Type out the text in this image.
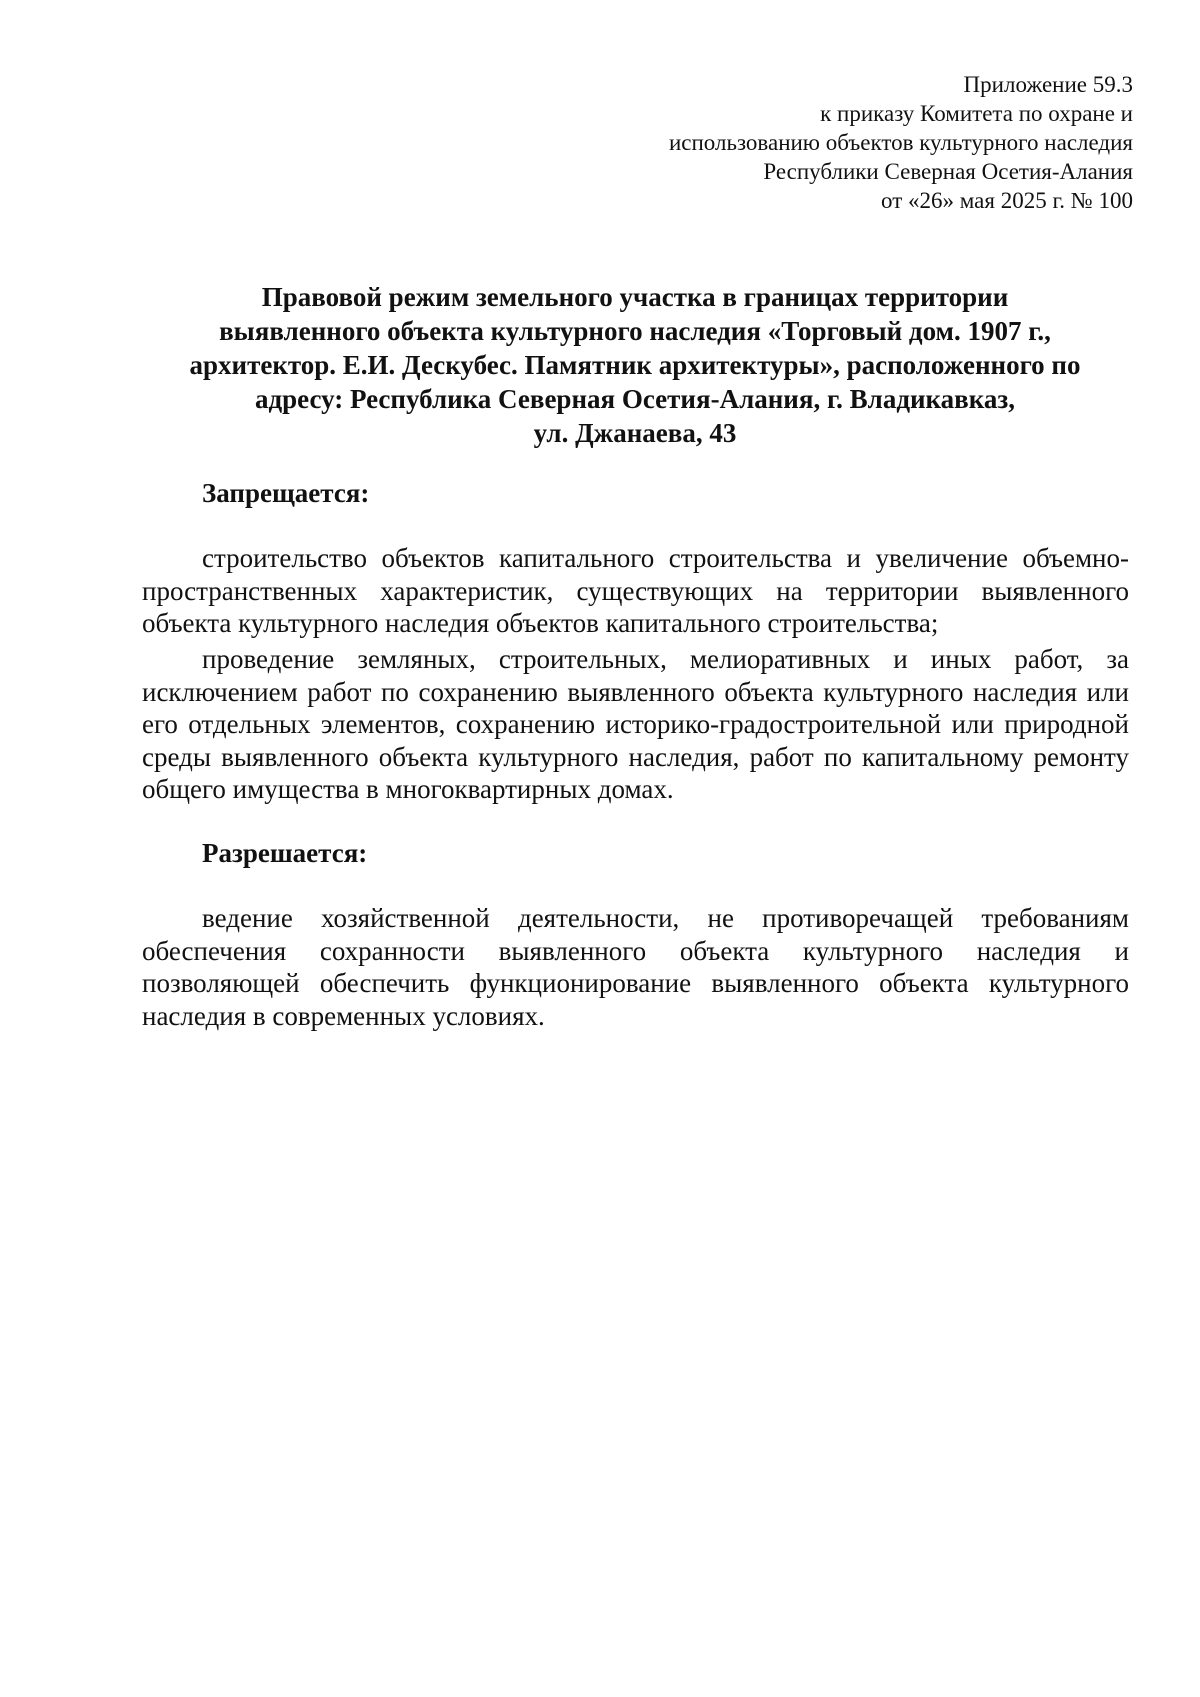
Приложение 59.3
к приказу Комитета по охране и
использованию объектов культурного наследия
Республики Северная Осетия-Алания
от «26» мая 2025 г. № 100
Правовой режим земельного участка в границах территории
выявленного объекта культурного наследия «Торговый дом. 1907 г.,
архитектор. Е.И. Дескубес. Памятник архитектуры», расположенного по
адресу: Республика Северная Осетия-Алания, г. Владикавказ,
ул. Джанаева, 43
Запрещается:
строительство объектов капитального строительства и увеличение объемно-пространственных характеристик, существующих на территории выявленного объекта культурного наследия объектов капитального строительства;
проведение земляных, строительных, мелиоративных и иных работ, за исключением работ по сохранению выявленного объекта культурного наследия или его отдельных элементов, сохранению историко-градостроительной или природной среды выявленного объекта культурного наследия, работ по капитальному ремонту общего имущества в многоквартирных домах.
Разрешается:
ведение хозяйственной деятельности, не противоречащей требованиям обеспечения сохранности выявленного объекта культурного наследия и позволяющей обеспечить функционирование выявленного объекта культурного наследия в современных условиях.
